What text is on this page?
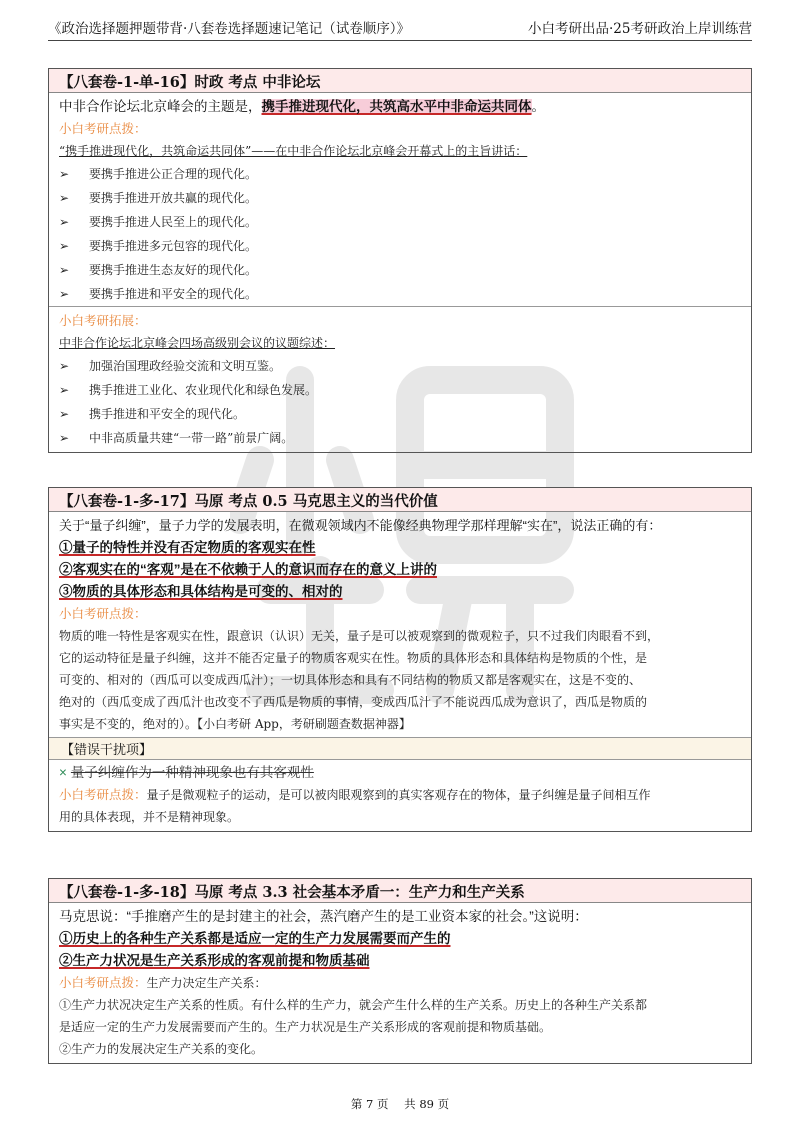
《政治选择题押题带背·八套卷选择题速记笔记（试卷顺序）》	小白考研出品·25考研政治上岸训练营
【八套卷-1-单-16】时政 考点 中非论坛
中非合作论坛北京峰会的主题是，携手推进现代化，共筑高水平中非命运共同体。
小白考研点拨：
“携手推进现代化，共筑命运共同体”——在中非合作论坛北京峰会开幕式上的主旨讲话：
➢ 要携手推进公正合理的现代化。
➢ 要携手推进开放共赢的现代化。
➢ 要携手推进人民至上的现代化。
➢ 要携手推进多元包容的现代化。
➢ 要携手推进生态友好的现代化。
➢ 要携手推进和平安全的现代化。
小白考研拓展：
中非合作论坛北京峰会四场高级别会议的议题综述：
➢ 加强治国理政经验交流和文明互鉴。
➢ 携手推进工业化、农业现代化和绿色发展。
➢ 携手推进和平安全的现代化。
➢ 中非高质量共建“一带一路”前景广阔。
【八套卷-1-多-17】马原 考点 0.5 马克思主义的当代价值
关于“量子纠缠”，量子力学的发展表明，在微观领域内不能像经典物理学那样理解“实在”，说法正确的有：
①量子的特性并没有否定物质的客观实在性
②客观实在的“客观”是在不依赖于人的意识而存在的意义上讲的
③物质的具体形态和具体结构是可变的、相对的
小白考研点拨：
物质的唯一特性是客观实在性，跟意识（认识）无关，量子是可以被观察到的微观粒子，只不过我们肉眼看不到，
它的运动特征是量子纠缠，这并不能否定量子的物质客观实在性。物质的具体形态和具体结构是物质的个性，是
可变的、相对的（西瓜可以变成西瓜汁）；一切具体形态和具有不同结构的物质又都是客观实在，这是不变的、
绝对的（西瓜变成了西瓜汁也改变不了西瓜是物质的事情，变成西瓜汁了不能说西瓜成为意识了，西瓜是物质的
事实是不变的，绝对的）。【小白考研 App，考研刷题查数据神器】
【错误干扰项】
× 量子纠缠作为一种精神现象也有其客观性
小白考研点拨：量子是微观粒子的运动，是可以被肉眼观察到的真实客观存在的物体，量子纠缠是量子间相互作
用的具体表现，并不是精神现象。
【八套卷-1-多-18】马原 考点 3.3 社会基本矛盾一：生产力和生产关系
马克思说：“手推磨产生的是封建主的社会，蒸汽磨产生的是工业资本家的社会。”这说明：
①历史上的各种生产关系都是适应一定的生产力发展需要而产生的
②生产力状况是生产关系形成的客观前提和物质基础
小白考研点拨：生产力决定生产关系：
①生产力状况决定生产关系的性质。有什么样的生产力，就会产生什么样的生产关系。历史上的各种生产关系都
是适应一定的生产力发展需要而产生的。生产力状况是生产关系形成的客观前提和物质基础。
②生产力的发展决定生产关系的变化。
第 7 页 共 89 页
